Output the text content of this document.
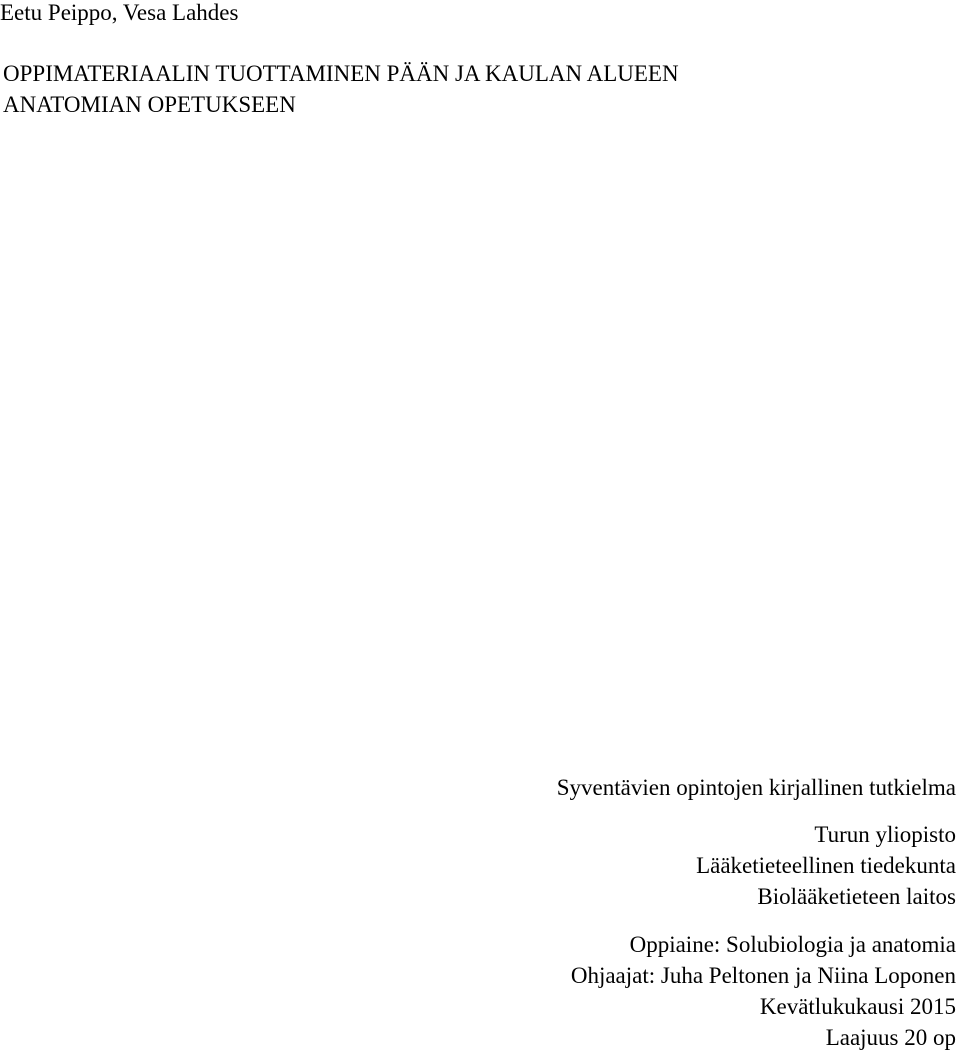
Eetu Peippo, Vesa Lahdes
OPPIMATERIAALIN TUOTTAMINEN PÄÄN JA KAULAN ALUEEN
ANATOMIAN OPETUKSEEN
Syventävien opintojen kirjallinen tutkielma
Turun yliopisto
Lääketieteellinen tiedekunta
Biolääketieteen laitos
Oppiaine: Solubiologia ja anatomia
Ohjaajat: Juha Peltonen ja Niina Loponen
Kevätlukukausi 2015
Laajuus 20 op
